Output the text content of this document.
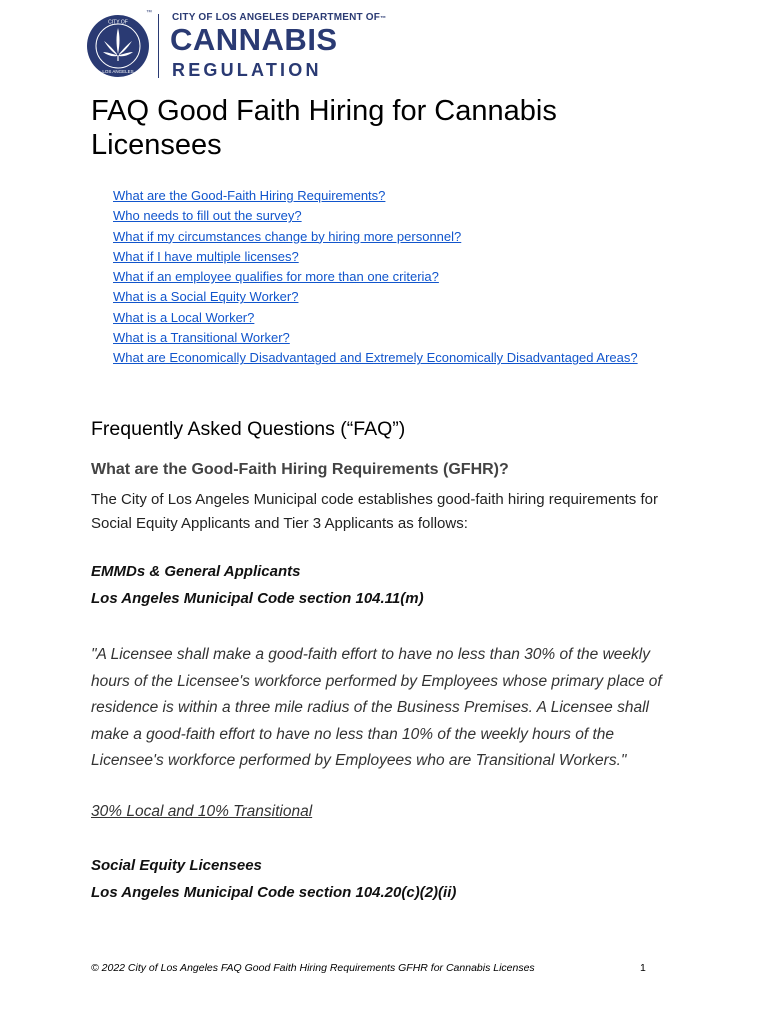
CITY OF
LOS ANGELES
CITY OF LOS ANGELES DEPARTMENT OF™
™
CANNABIS
REGULATION
FAQ Good Faith Hiring for Cannabis Licensees
What are the Good-Faith Hiring Requirements?
Who needs to fill out the survey?
What if my circumstances change by hiring more personnel?
What if I have multiple licenses?
What if an employee qualifies for more than one criteria?
What is a Social Equity Worker?
What is a Local Worker?
What is a Transitional Worker?
What are Economically Disadvantaged and Extremely Economically Disadvantaged Areas?
Frequently Asked Questions (“FAQ”)
What are the Good-Faith Hiring Requirements (GFHR)?
The City of Los Angeles Municipal code establishes good-faith hiring requirements for Social Equity Applicants and Tier 3 Applicants as follows:
EMMDs & General Applicants
Los Angeles Municipal Code section 104.11(m)
"A Licensee shall make a good-faith effort to have no less than 30% of the weekly hours of the Licensee's workforce performed by Employees whose primary place of residence is within a three mile radius of the Business Premises. A Licensee shall make a good-faith effort to have no less than 10% of the weekly hours of the Licensee's workforce performed by Employees who are Transitional Workers."
30% Local and 10% Transitional
Social Equity Licensees
Los Angeles Municipal Code section 104.20(c)(2)(ii)
© 2022 City of Los Angeles FAQ Good Faith Hiring Requirements GFHR for Cannabis Licenses	1
